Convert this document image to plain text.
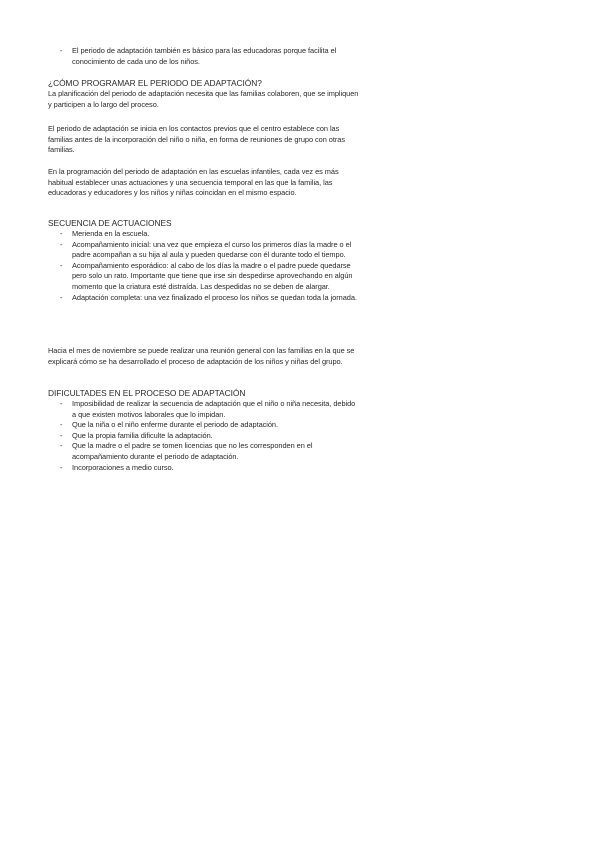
- El periodo de adaptación también es básico para las educadoras porque facilita el conocimiento de cada uno de los niños.

¿CÓMO PROGRAMAR EL PERIODO DE ADAPTACIÓN?

La planificación del periodo de adaptación necesita que las familias colaboren, que se impliquen y participen a lo largo del proceso.

El periodo de adaptación se inicia en los contactos previos que el centro establece con las familias antes de la incorporación del niño o niña, en forma de reuniones de grupo con otras familias.

En la programación del periodo de adaptación en las escuelas infantiles, cada vez es más habitual establecer unas actuaciones y una secuencia temporal en las que la familia, las educadoras y educadores y los niños y niñas coincidan en el mismo espacio.

SECUENCIA DE ACTUACIONES

- Merienda en la escuela.
- Acompañamiento inicial: una vez que empieza el curso los primeros días la madre o el padre acompañan a su hija al aula y pueden quedarse con él durante todo el tiempo.
- Acompañamiento esporádico: al cabo de los días la madre o el padre puede quedarse pero solo un rato. Importante que tiene que irse sin despedirse aprovechando en algún momento que la criatura esté distraída. Las despedidas no se deben de alargar.
- Adaptación completa: una vez finalizado el proceso los niños se quedan toda la jornada.

Hacia el mes de noviembre se puede realizar una reunión general con las familias en la que se explicará cómo se ha desarrollado el proceso de adaptación de los niños y niñas del grupo.

DIFICULTADES EN EL PROCESO DE ADAPTACIÓN

- Imposibilidad de realizar la secuencia de adaptación que el niño o niña necesita, debido a que existen motivos laborales que lo impidan.
- Que la niña o el niño enferme durante el periodo de adaptación.
- Que la propia familia dificulte la adaptación.
- Que la madre o el padre se tomen licencias que no les corresponden en el acompañamiento durante el periodo de adaptación.
- Incorporaciones a medio curso.
